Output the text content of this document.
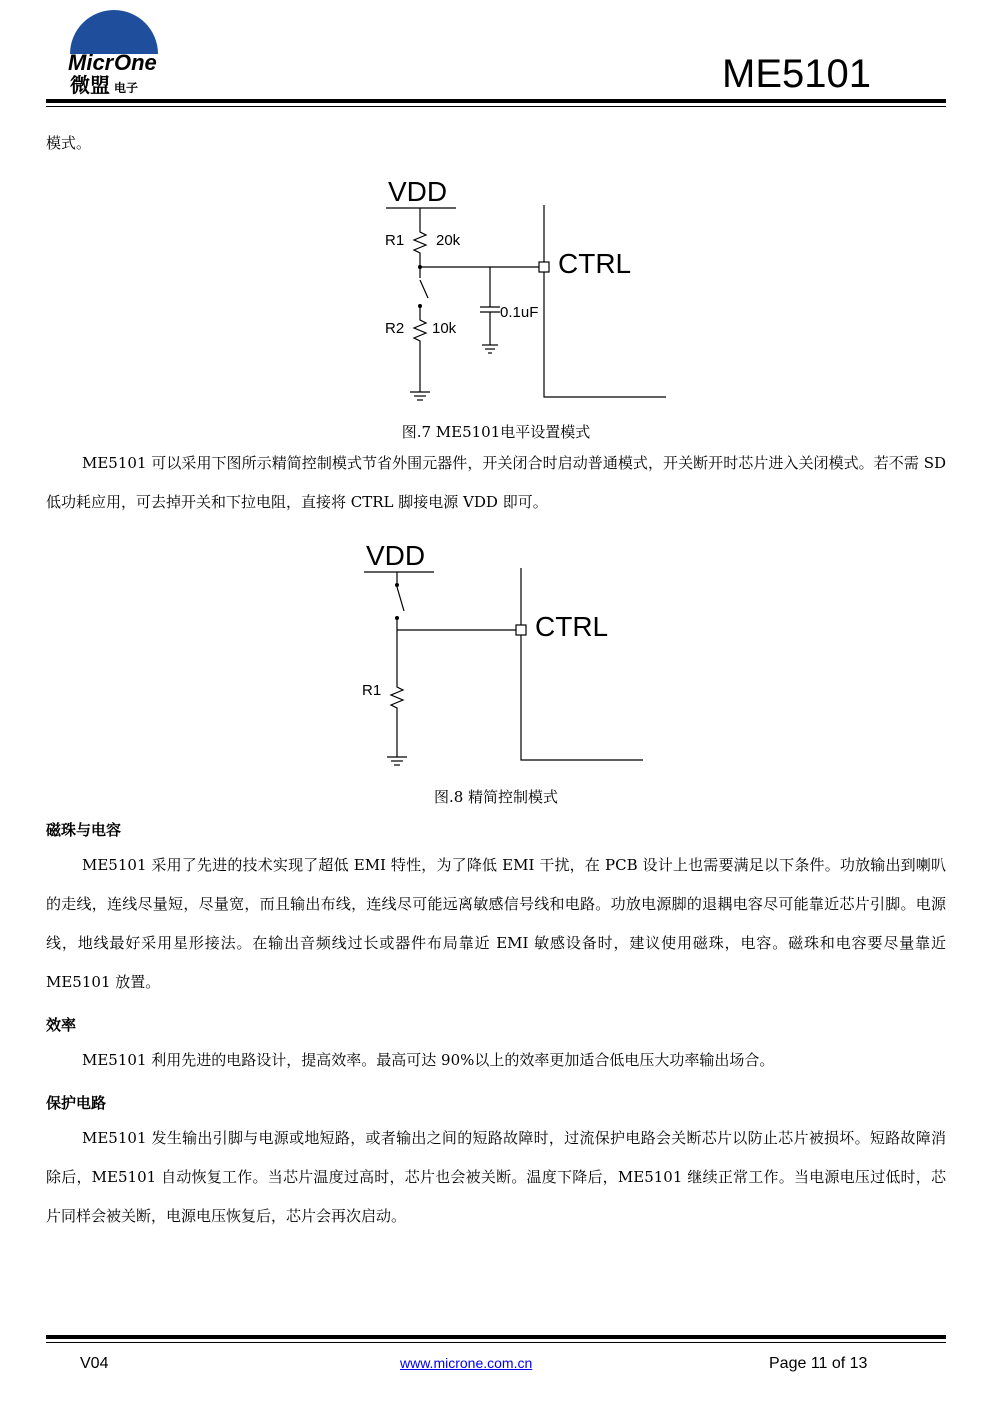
Micr One
微盟 电子	ME5101
模式。
VDD
R1 20k
R2 10k
0.1uF
CTRL
图.7 ME5101电平设置模式

ME5101 可以采用下图所示精简控制模式节省外围元器件，开关闭合时启动普通模式，开关断开时芯片进入关闭模式。若不需 SD 低功耗应用，可去掉开关和下拉电阻，直接将 CTRL 脚接电源 VDD 即可。

VDD
R1
CTRL
图.8 精简控制模式
磁珠与电容

ME5101 采用了先进的技术实现了超低 EMI 特性，为了降低 EMI 干扰，在 PCB 设计上也需要满足以下条件。功放输出到喇叭的走线，连线尽量短，尽量宽，而且输出布线，连线尽可能远离敏感信号线和电路。功放电源脚的退耦电容尽可能靠近芯片引脚。电源线，地线最好采用星形接法。在输出音频线过长或器件布局靠近 EMI 敏感设备时，建议使用磁珠，电容。磁珠和电容要尽量靠近 ME5101 放置。

效率

ME5101 利用先进的电路设计，提高效率。最高可达 90%以上的效率更加适合低电压大功率输出场合。

保护电路

ME5101 发生输出引脚与电源或地短路，或者输出之间的短路故障时，过流保护电路会关断芯片以防止芯片被损坏。短路故障消除后，ME5101 自动恢复工作。当芯片温度过高时，芯片也会被关断。温度下降后，ME5101 继续正常工作。当电源电压过低时，芯片同样会被关断，电源电压恢复后，芯片会再次启动。

V04	www.microne.com.cn	Page 11 of 13
